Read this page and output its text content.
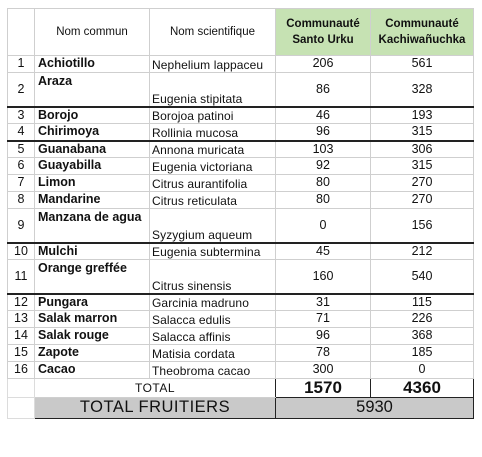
	Nom commun	Nom scientifique	Communauté Santo Urku	Communauté Kachiwañuchka
1	Achiotillo	Nephelium lappaceu	206	561
2	Araza	Eugenia stipitata	86	328
3	Borojo	Borojoa patinoi	46	193
4	Chirimoya	Rollinia mucosa	96	315
5	Guanabana	Annona muricata	103	306
6	Guayabilla	Eugenia victoriana	92	315
7	Limon	Citrus aurantifolia	80	270
8	Mandarine	Citrus reticulata	80	270
9	Manzana de agua	Syzygium aqueum	0	156
10	Mulchi	Eugenia subtermina	45	212
11	Orange greffée	Citrus sinensis	160	540
12	Pungara	Garcinia madruno	31	115
13	Salak marron	Salacca edulis	71	226
14	Salak rouge	Salacca affinis	96	368
15	Zapote	Matisia cordata	78	185
16	Cacao	Theobroma cacao	300	0
	TOTAL		1570	4360
	TOTAL FRUITIERS		5930	
